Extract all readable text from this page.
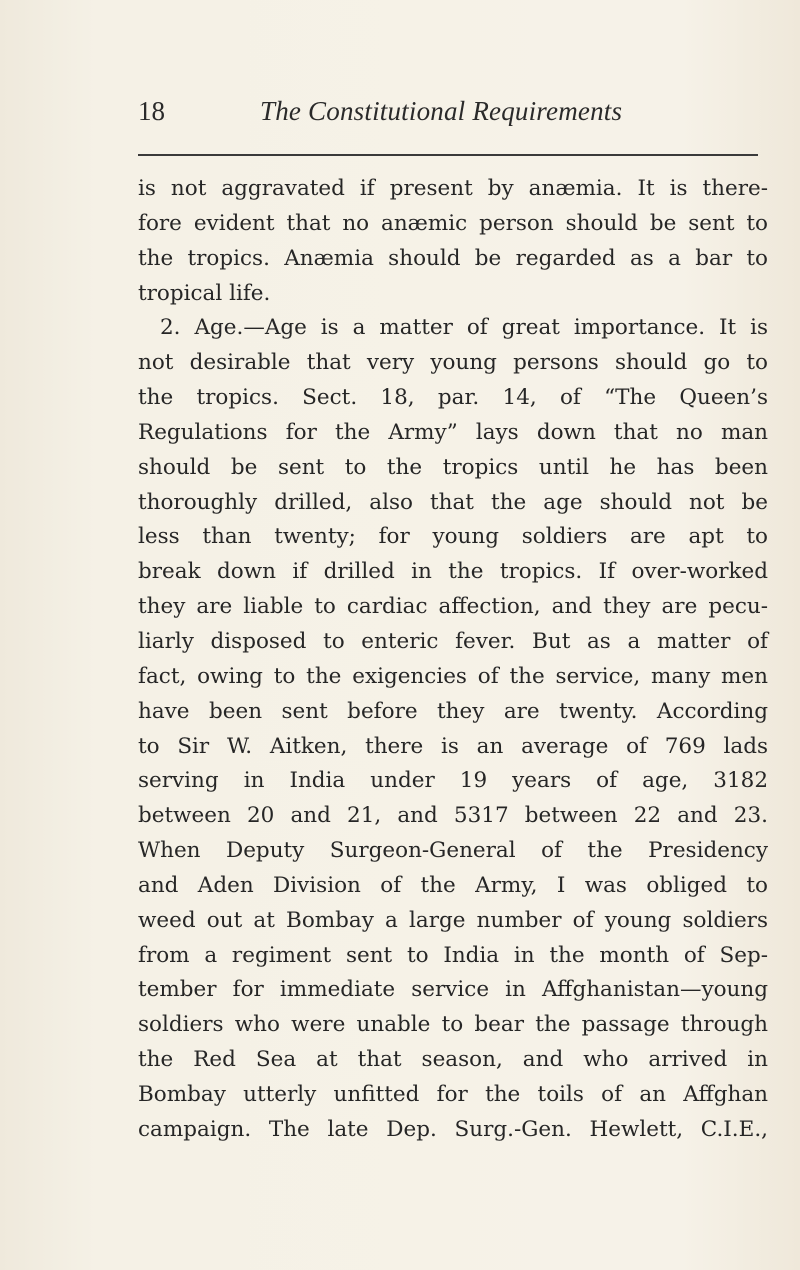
18	The Constitutional Requirements
is not aggravated if present by anæmia. It is there-
fore evident that no anæmic person should be sent to
the tropics. Anæmia should be regarded as a bar to
tropical life.
2. Age.—Age is a matter of great importance. It is
not desirable that very young persons should go to
the tropics. Sect. 18, par. 14, of “The Queen’s
Regulations for the Army” lays down that no man
should be sent to the tropics until he has been
thoroughly drilled, also that the age should not be
less than twenty; for young soldiers are apt to
break down if drilled in the tropics. If over-worked
they are liable to cardiac affection, and they are pecu-
liarly disposed to enteric fever. But as a matter of
fact, owing to the exigencies of the service, many men
have been sent before they are twenty. According
to Sir W. Aitken, there is an average of 769 lads
serving in India under 19 years of age, 3182
between 20 and 21, and 5317 between 22 and 23.
When Deputy Surgeon-General of the Presidency
and Aden Division of the Army, I was obliged to
weed out at Bombay a large number of young soldiers
from a regiment sent to India in the month of Sep-
tember for immediate service in Affghanistan—young
soldiers who were unable to bear the passage through
the Red Sea at that season, and who arrived in
Bombay utterly unfitted for the toils of an Affghan
campaign. The late Dep. Surg.-Gen. Hewlett, C.I.E.,
